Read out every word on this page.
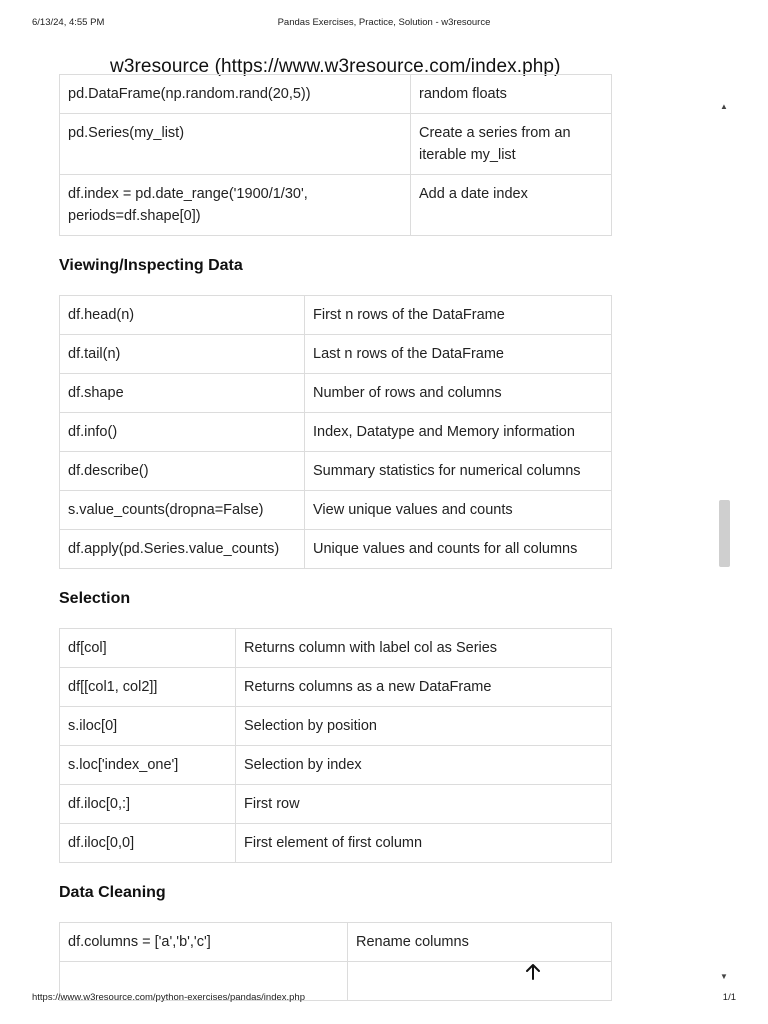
6/13/24, 4:55 PM	Pandas Exercises, Practice, Solution - w3resource
w3resource (https://www.w3resource.com/index.php)
pd.DataFrame(np.random.rand(20,5))	random floats
pd.Series(my_list)	Create a series from an iterable my_list
df.index = pd.date_range('1900/1/30', periods=df.shape[0])	Add a date index
Viewing/Inspecting Data
df.head(n)	First n rows of the DataFrame
df.tail(n)	Last n rows of the DataFrame
df.shape	Number of rows and columns
df.info()	Index, Datatype and Memory information
df.describe()	Summary statistics for numerical columns
s.value_counts(dropna=False)	View unique values and counts
df.apply(pd.Series.value_counts)	Unique values and counts for all columns
Selection
df[col]	Returns column with label col as Series
df[[col1, col2]]	Returns columns as a new DataFrame
s.iloc[0]	Selection by position
s.loc['index_one']	Selection by index
df.iloc[0,:]	First row
df.iloc[0,0]	First element of first column
Data Cleaning
df.columns = ['a','b','c']	Rename columns

▲
▼
https://www.w3resource.com/python-exercises/pandas/index.php	1/1
